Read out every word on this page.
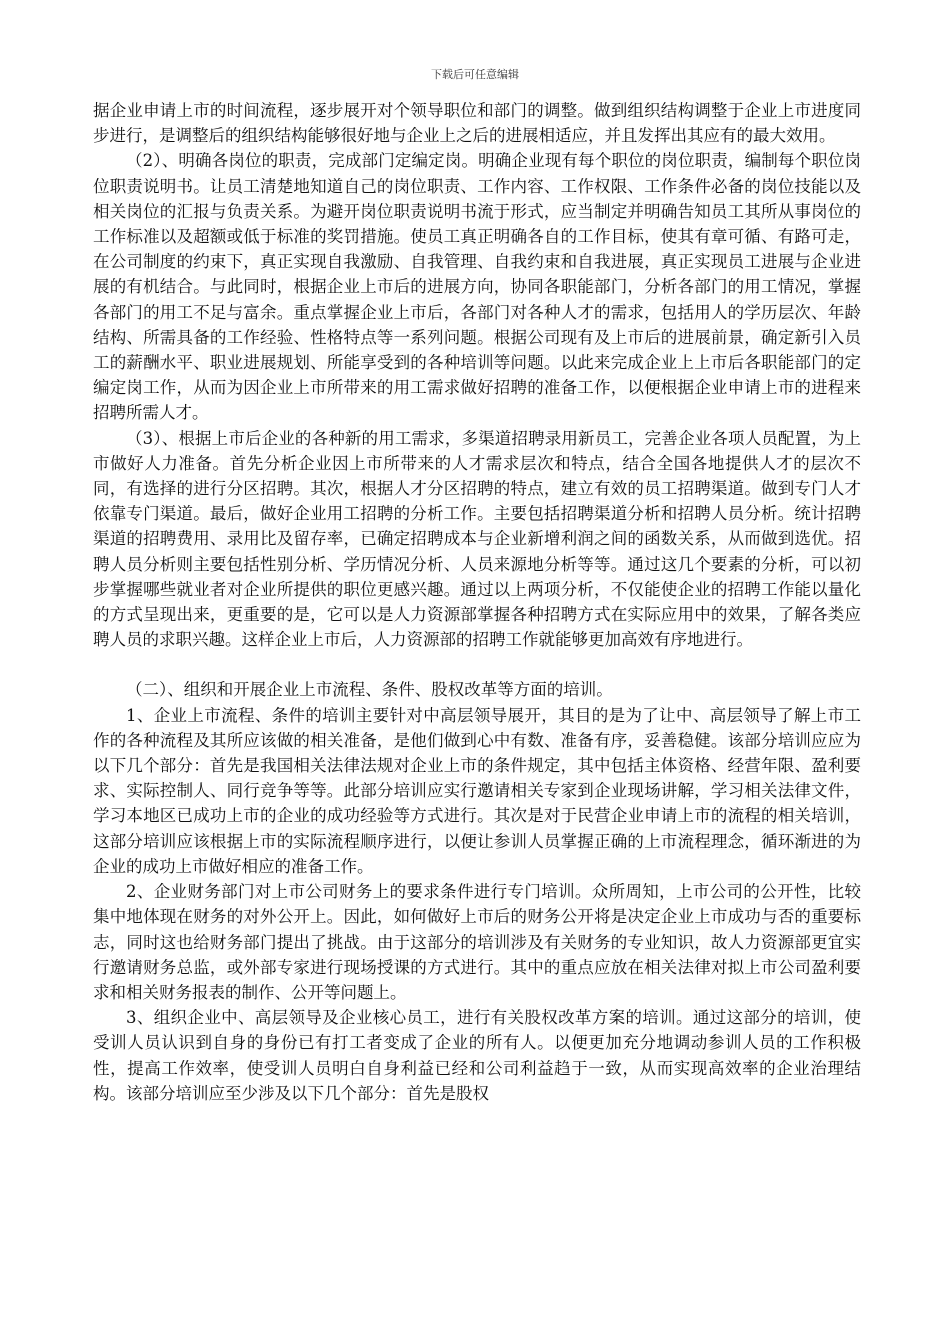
下载后可任意编辑

据企业申请上市的时间流程，逐步展开对个领导职位和部门的调整。做到组织结构调整于企业上市进度同步进行，是调整后的组织结构能够很好地与企业上之后的进展相适应，并且发挥出其应有的最大效用。

（2）、明确各岗位的职责，完成部门定编定岗。明确企业现有每个职位的岗位职责，编制每个职位岗位职责说明书。让员工清楚地知道自己的岗位职责、工作内容、工作权限、工作条件必备的岗位技能以及相关岗位的汇报与负责关系。为避开岗位职责说明书流于形式，应当制定并明确告知员工其所从事岗位的工作标准以及超额或低于标准的奖罚措施。使员工真正明确各自的工作目标，使其有章可循、有路可走，在公司制度的约束下，真正实现自我激励、自我管理、自我约束和自我进展，真正实现员工进展与企业进展的有机结合。与此同时，根据企业上市后的进展方向，协同各职能部门，分析各部门的用工情况，掌握各部门的用工不足与富余。重点掌握企业上市后，各部门对各种人才的需求，包括用人的学历层次、年龄结构、所需具备的工作经验、性格特点等一系列问题。根据公司现有及上市后的进展前景，确定新引入员工的薪酬水平、职业进展规划、所能享受到的各种培训等问题。以此来完成企业上上市后各职能部门的定编定岗工作，从而为因企业上市所带来的用工需求做好招聘的准备工作，以便根据企业申请上市的进程来招聘所需人才。

（3）、根据上市后企业的各种新的用工需求，多渠道招聘录用新员工，完善企业各项人员配置，为上市做好人力准备。首先分析企业因上市所带来的人才需求层次和特点，结合全国各地提供人才的层次不同，有选择的进行分区招聘。其次，根据人才分区招聘的特点，建立有效的员工招聘渠道。做到专门人才依靠专门渠道。最后，做好企业用工招聘的分析工作。主要包括招聘渠道分析和招聘人员分析。统计招聘渠道的招聘费用、录用比及留存率，已确定招聘成本与企业新增利润之间的函数关系，从而做到选优。招聘人员分析则主要包括性别分析、学历情况分析、人员来源地分析等等。通过这几个要素的分析，可以初步掌握哪些就业者对企业所提供的职位更感兴趣。通过以上两项分析，不仅能使企业的招聘工作能以量化的方式呈现出来，更重要的是，它可以是人力资源部掌握各种招聘方式在实际应用中的效果，了解各类应聘人员的求职兴趣。这样企业上市后，人力资源部的招聘工作就能够更加高效有序地进行。

（二）、组织和开展企业上市流程、条件、股权改革等方面的培训。

1、企业上市流程、条件的培训主要针对中高层领导展开，其目的是为了让中、高层领导了解上市工作的各种流程及其所应该做的相关准备，是他们做到心中有数、准备有序，妥善稳健。该部分培训应应为以下几个部分：首先是我国相关法律法规对企业上市的条件规定，其中包括主体资格、经营年限、盈利要求、实际控制人、同行竞争等等。此部分培训应实行邀请相关专家到企业现场讲解，学习相关法律文件，学习本地区已成功上市的企业的成功经验等方式进行。其次是对于民营企业申请上市的流程的相关培训，这部分培训应该根据上市的实际流程顺序进行，以便让参训人员掌握正确的上市流程理念，循环渐进的为企业的成功上市做好相应的准备工作。

2、企业财务部门对上市公司财务上的要求条件进行专门培训。众所周知，上市公司的公开性，比较集中地体现在财务的对外公开上。因此，如何做好上市后的财务公开将是决定企业上市成功与否的重要标志，同时这也给财务部门提出了挑战。由于这部分的培训涉及有关财务的专业知识，故人力资源部更宜实行邀请财务总监，或外部专家进行现场授课的方式进行。其中的重点应放在相关法律对拟上市公司盈利要求和相关财务报表的制作、公开等问题上。

3、组织企业中、高层领导及企业核心员工，进行有关股权改革方案的培训。通过这部分的培训，使受训人员认识到自身的身份已有打工者变成了企业的所有人。以便更加充分地调动参训人员的工作积极性，提高工作效率，使受训人员明白自身利益已经和公司利益趋于一致，从而实现高效率的企业治理结构。该部分培训应至少涉及以下几个部分：首先是股权
